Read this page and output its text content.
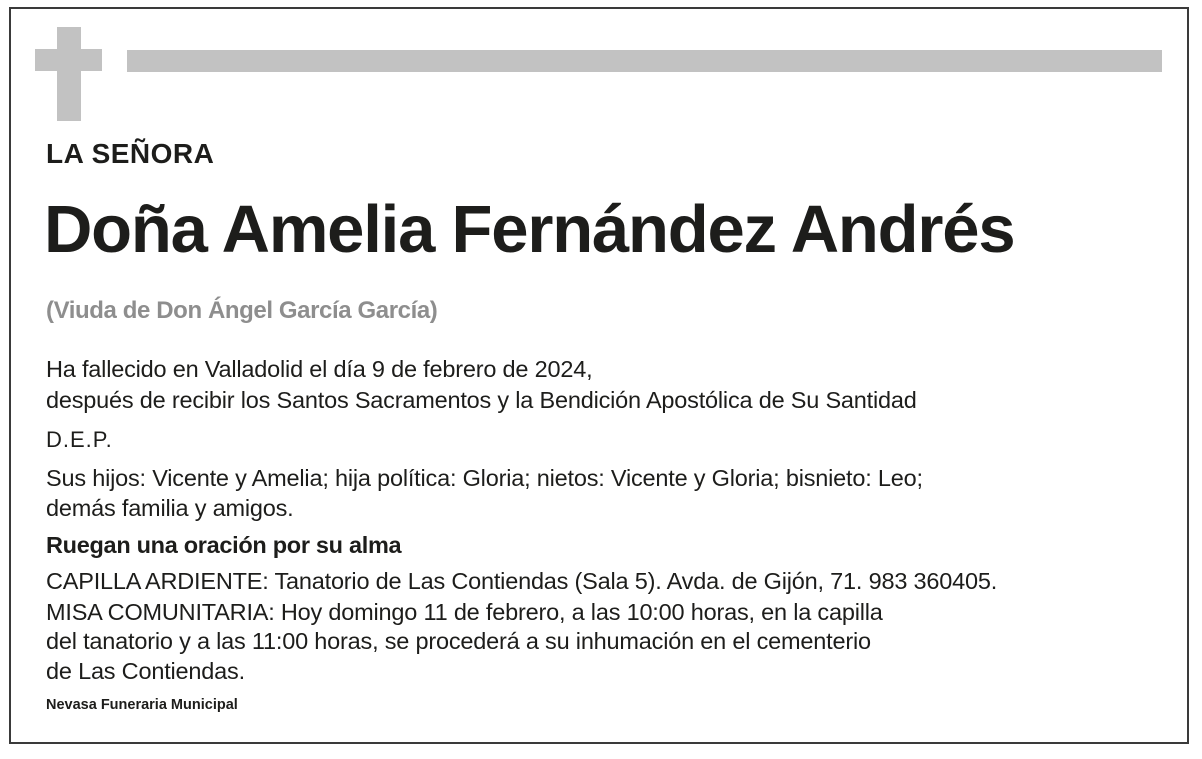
LA SEÑORA
Doña Amelia Fernández Andrés
(Viuda de Don Ángel García García)
Ha fallecido en Valladolid el día 9 de febrero de 2024,
después de recibir los Santos Sacramentos y la Bendición Apostólica de Su Santidad
D.E.P.
Sus hijos: Vicente y Amelia; hija política: Gloria; nietos: Vicente y Gloria; bisnieto: Leo;
demás familia y amigos.
Ruegan una oración por su alma
CAPILLA ARDIENTE: Tanatorio de Las Contiendas (Sala 5). Avda. de Gijón, 71. 983 360405.
MISA COMUNITARIA: Hoy domingo 11 de febrero, a las 10:00 horas, en la capilla
del tanatorio y a las 11:00 horas, se procederá a su inhumación en el cementerio
de Las Contiendas.
Nevasa Funeraria Municipal
